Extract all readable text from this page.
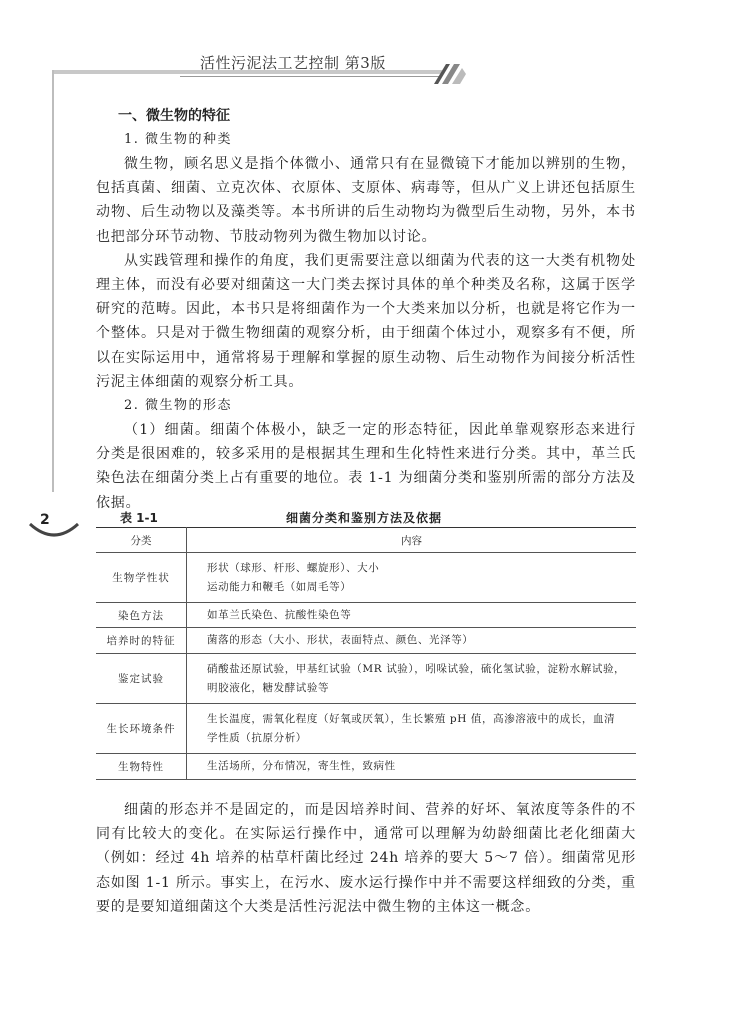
活性污泥法工艺控制 第3版
2
一、微生物的特征
1. 微生物的种类

微生物，顾名思义是指个体微小、通常只有在显微镜下才能加以辨别的生物，包括真菌、细菌、立克次体、衣原体、支原体、病毒等，但从广义上讲还包括原生动物、后生动物以及藻类等。本书所讲的后生动物均为微型后生动物，另外，本书也把部分环节动物、节肢动物列为微生物加以讨论。

从实践管理和操作的角度，我们更需要注意以细菌为代表的这一大类有机物处理主体，而没有必要对细菌这一大门类去探讨具体的单个种类及名称，这属于医学研究的范畴。因此，本书只是将细菌作为一个大类来加以分析，也就是将它作为一个整体。只是对于微生物细菌的观察分析，由于细菌个体过小，观察多有不便，所以在实际运用中，通常将易于理解和掌握的原生动物、后生动物作为间接分析活性污泥主体细菌的观察分析工具。

2. 微生物的形态

（1）细菌。细菌个体极小，缺乏一定的形态特征，因此单靠观察形态来进行分类是很困难的，较多采用的是根据其生理和生化特性来进行分类。其中，革兰氏染色法在细菌分类上占有重要的地位。表 1-1 为细菌分类和鉴别所需的部分方法及依据。

表 1-1	细菌分类和鉴别方法及依据
分类	内容
生物学性状	形状（球形、杆形、螺旋形）、大小
运动能力和鞭毛（如周毛等）

染色方法	如革兰氏染色、抗酸性染色等
培养时的特征	菌落的形态（大小、形状，表面特点、颜色、光泽等）
鉴定试验	硝酸盐还原试验，甲基红试验（MR 试验），吲哚试验，硫化氢试验，淀粉水解试验，明胶液化，糖发酵试验等
生长环境条件	生长温度，需氧化程度（好氧或厌氧），生长繁殖 pH 值，高渗溶液中的成长，血清学性质（抗原分析）
生物特性	生活场所，分布情况，寄生性，致病性

细菌的形态并不是固定的，而是因培养时间、营养的好坏、氧浓度等条件的不同有比较大的变化。在实际运行操作中，通常可以理解为幼龄细菌比老化细菌大（例如：经过 4h 培养的枯草杆菌比经过 24h 培养的要大 5～7 倍）。细菌常见形态如图 1-1 所示。事实上，在污水、废水运行操作中并不需要这样细致的分类，重要的是要知道细菌这个大类是活性污泥法中微生物的主体这一概念。
